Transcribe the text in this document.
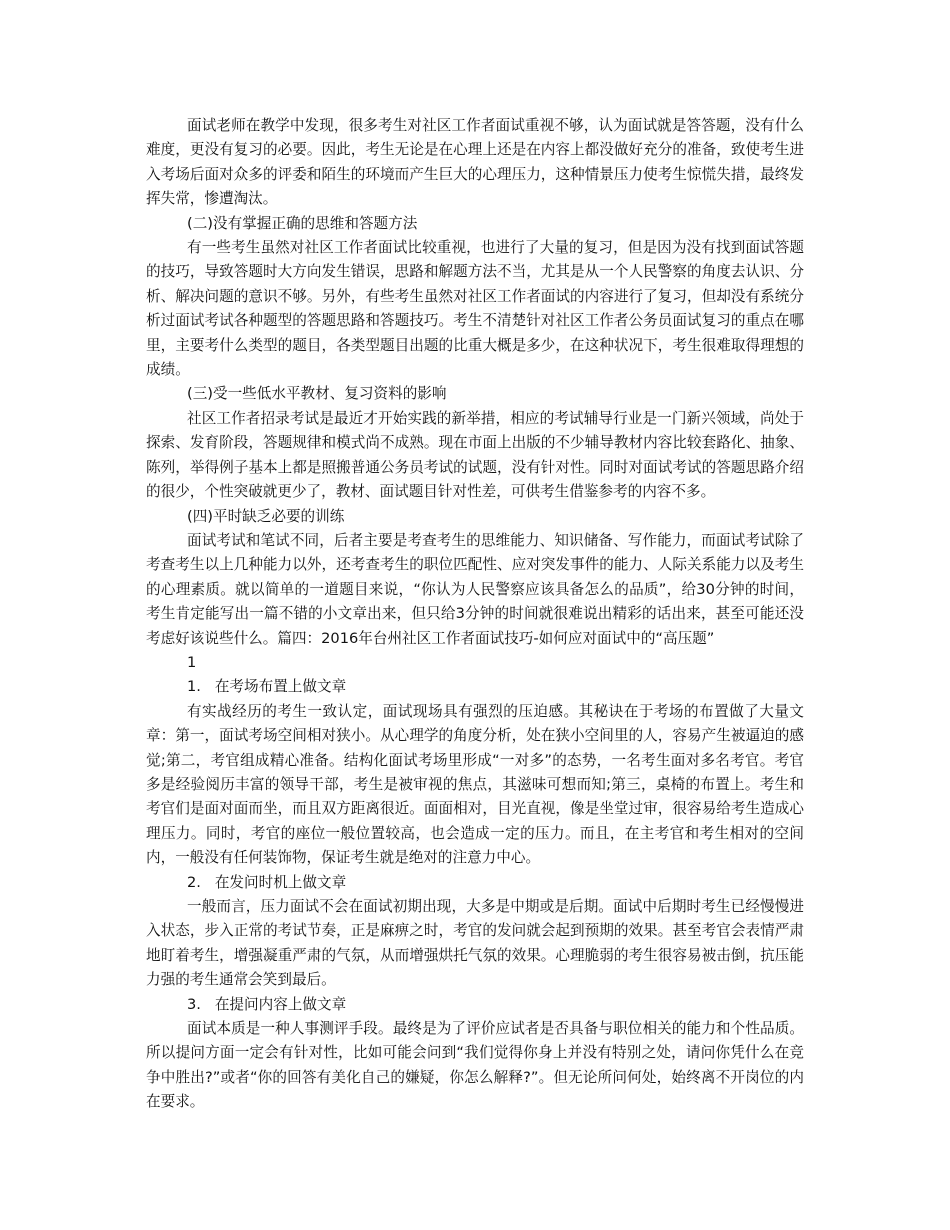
面试老师在教学中发现，很多考生对社区工作者面试重视不够，认为面试就是答答题，没有什么难度，更没有复习的必要。因此，考生无论是在心理上还是在内容上都没做好充分的准备，致使考生进入考场后面对众多的评委和陌生的环境而产生巨大的心理压力，这种情景压力使考生惊慌失措，最终发挥失常，惨遭淘汰。

(二)没有掌握正确的思维和答题方法

有一些考生虽然对社区工作者面试比较重视，也进行了大量的复习，但是因为没有找到面试答题的技巧，导致答题时大方向发生错误，思路和解题方法不当，尤其是从一个人民警察的角度去认识、分析、解决问题的意识不够。另外，有些考生虽然对社区工作者面试的内容进行了复习，但却没有系统分析过面试考试各种题型的答题思路和答题技巧。考生不清楚针对社区工作者公务员面试复习的重点在哪里，主要考什么类型的题目，各类型题目出题的比重大概是多少，在这种状况下，考生很难取得理想的成绩。

(三)受一些低水平教材、复习资料的影响

社区工作者招录考试是最近才开始实践的新举措，相应的考试辅导行业是一门新兴领域，尚处于探索、发育阶段，答题规律和模式尚不成熟。现在市面上出版的不少辅导教材内容比较套路化、抽象、陈列，举得例子基本上都是照搬普通公务员考试的试题，没有针对性。同时对面试考试的答题思路介绍的很少，个性突破就更少了，教材、面试题目针对性差，可供考生借鉴参考的内容不多。

(四)平时缺乏必要的训练

面试考试和笔试不同，后者主要是考查考生的思维能力、知识储备、写作能力，而面试考试除了考查考生以上几种能力以外，还考查考生的职位匹配性、应对突发事件的能力、人际关系能力以及考生的心理素质。就以简单的一道题目来说，“你认为人民警察应该具备怎么的品质”，给30分钟的时间，考生肯定能写出一篇不错的小文章出来，但只给3分钟的时间就很难说出精彩的话出来，甚至可能还没考虑好该说些什么。篇四：2016年台州社区工作者面试技巧-如何应对面试中的“高压题”

1

1.   在考场布置上做文章

有实战经历的考生一致认定，面试现场具有强烈的压迫感。其秘诀在于考场的布置做了大量文章：第一，面试考场空间相对狭小。从心理学的角度分析，处在狭小空间里的人，容易产生被逼迫的感觉;第二，考官组成精心准备。结构化面试考场里形成“一对多”的态势，一名考生面对多名考官。考官多是经验阅历丰富的领导干部，考生是被审视的焦点，其滋味可想而知;第三，桌椅的布置上。考生和考官们是面对面而坐，而且双方距离很近。面面相对，目光直视，像是坐堂过审，很容易给考生造成心理压力。同时，考官的座位一般位置较高，也会造成一定的压力。而且，在主考官和考生相对的空间内，一般没有任何装饰物，保证考生就是绝对的注意力中心。

2.   在发问时机上做文章

一般而言，压力面试不会在面试初期出现，大多是中期或是后期。面试中后期时考生已经慢慢进入状态，步入正常的考试节奏，正是麻痹之时，考官的发问就会起到预期的效果。甚至考官会表情严肃地盯着考生，增强凝重严肃的气氛，从而增强烘托气氛的效果。心理脆弱的考生很容易被击倒，抗压能力强的考生通常会笑到最后。

3.   在提问内容上做文章

面试本质是一种人事测评手段。最终是为了评价应试者是否具备与职位相关的能力和个性品质。所以提问方面一定会有针对性，比如可能会问到“我们觉得你身上并没有特别之处，请问你凭什么在竞争中胜出?”或者“你的回答有美化自己的嫌疑，你怎么解释?”。但无论所问何处，始终离不开岗位的内在要求。
